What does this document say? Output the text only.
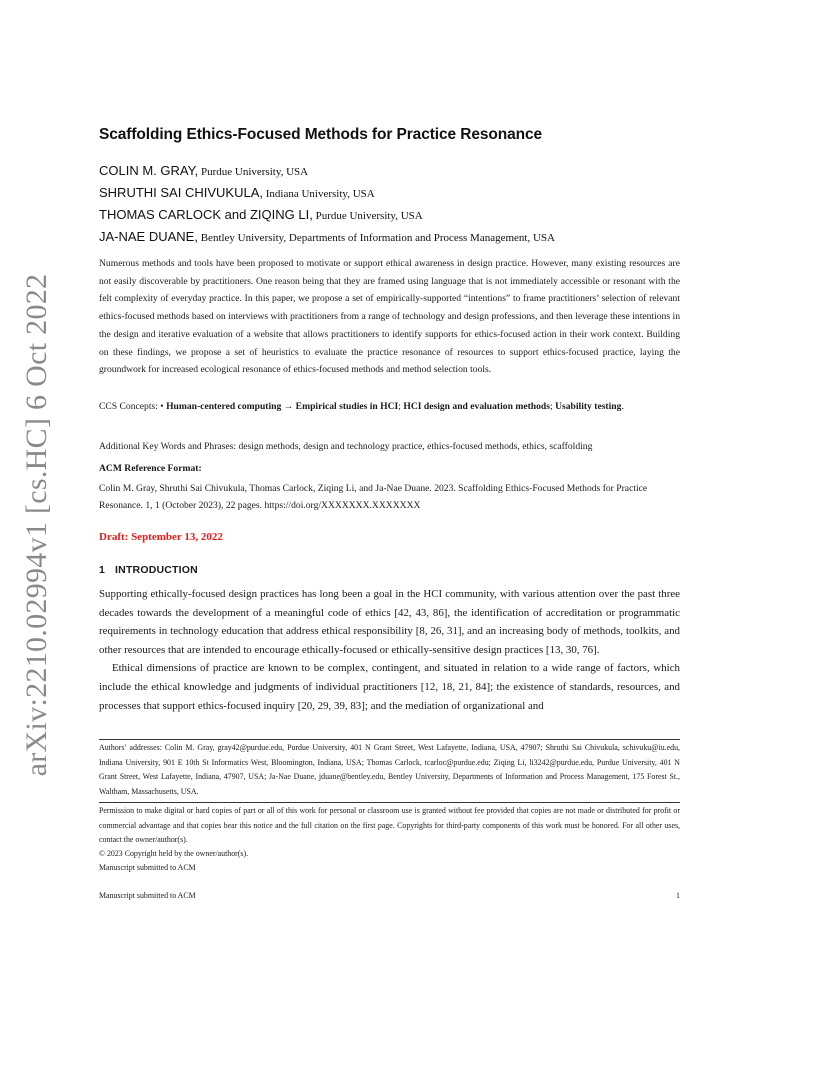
arXiv:2210.02994v1 [cs.HC] 6 Oct 2022
Scaffolding Ethics-Focused Methods for Practice Resonance
COLIN M. GRAY, Purdue University, USA
SHRUTHI SAI CHIVUKULA, Indiana University, USA
THOMAS CARLOCK and ZIQING LI, Purdue University, USA
JA-NAE DUANE, Bentley University, Departments of Information and Process Management, USA

Numerous methods and tools have been proposed to motivate or support ethical awareness in design practice. However, many existing resources are not easily discoverable by practitioners. One reason being that they are framed using language that is not immediately accessible or resonant with the felt complexity of everyday practice. In this paper, we propose a set of empirically-supported “intentions” to frame practitioners’ selection of relevant ethics-focused methods based on interviews with practitioners from a range of technology and design professions, and then leverage these intentions in the design and iterative evaluation of a website that allows practitioners to identify supports for ethics-focused action in their work context. Building on these findings, we propose a set of heuristics to evaluate the practice resonance of resources to support ethics-focused practice, laying the groundwork for increased ecological resonance of ethics-focused methods and method selection tools.

CCS Concepts: • Human-centered computing → Empirical studies in HCI; HCI design and evaluation methods; Usability testing.

Additional Key Words and Phrases: design methods, design and technology practice, ethics-focused methods, ethics, scaffolding

ACM Reference Format:

Colin M. Gray, Shruthi Sai Chivukula, Thomas Carlock, Ziqing Li, and Ja-Nae Duane. 2023. Scaffolding Ethics-Focused Methods for Practice Resonance. 1, 1 (October 2023), 22 pages. https://doi.org/XXXXXXX.XXXXXXX

Draft: September 13, 2022

1 INTRODUCTION

Supporting ethically-focused design practices has long been a goal in the HCI community, with various attention over the past three decades towards the development of a meaningful code of ethics [42, 43, 86], the identification of accreditation or programmatic requirements in technology education that address ethical responsibility [8, 26, 31], and an increasing body of methods, toolkits, and other resources that are intended to encourage ethically-focused or ethically-sensitive design practices [13, 30, 76].

Ethical dimensions of practice are known to be complex, contingent, and situated in relation to a wide range of factors, which include the ethical knowledge and judgments of individual practitioners [12, 18, 21, 84]; the existence of standards, resources, and processes that support ethics-focused inquiry [20, 29, 39, 83]; and the mediation of organizational and

Authors’ addresses: Colin M. Gray, gray42@purdue.edu, Purdue University, 401 N Grant Street, West Lafayette, Indiana, USA, 47907; Shruthi Sai Chivukula, schivuku@iu.edu, Indiana University, 901 E 10th St Informatics West, Bloomington, Indiana, USA; Thomas Carlock, tcarloc@purdue.edu; Ziqing Li, li3242@purdue.edu, Purdue University, 401 N Grant Street, West Lafayette, Indiana, 47907, USA; Ja-Nae Duane, jduane@bentley.edu, Bentley University, Departments of Information and Process Management, 175 Forest St., Waltham, Massachusetts, USA.

Permission to make digital or hard copies of part or all of this work for personal or classroom use is granted without fee provided that copies are not made or distributed for profit or commercial advantage and that copies bear this notice and the full citation on the first page. Copyrights for third-party components of this work must be honored. For all other uses, contact the owner/author(s).

© 2023 Copyright held by the owner/author(s).

Manuscript submitted to ACM

Manuscript submitted to ACM	1
